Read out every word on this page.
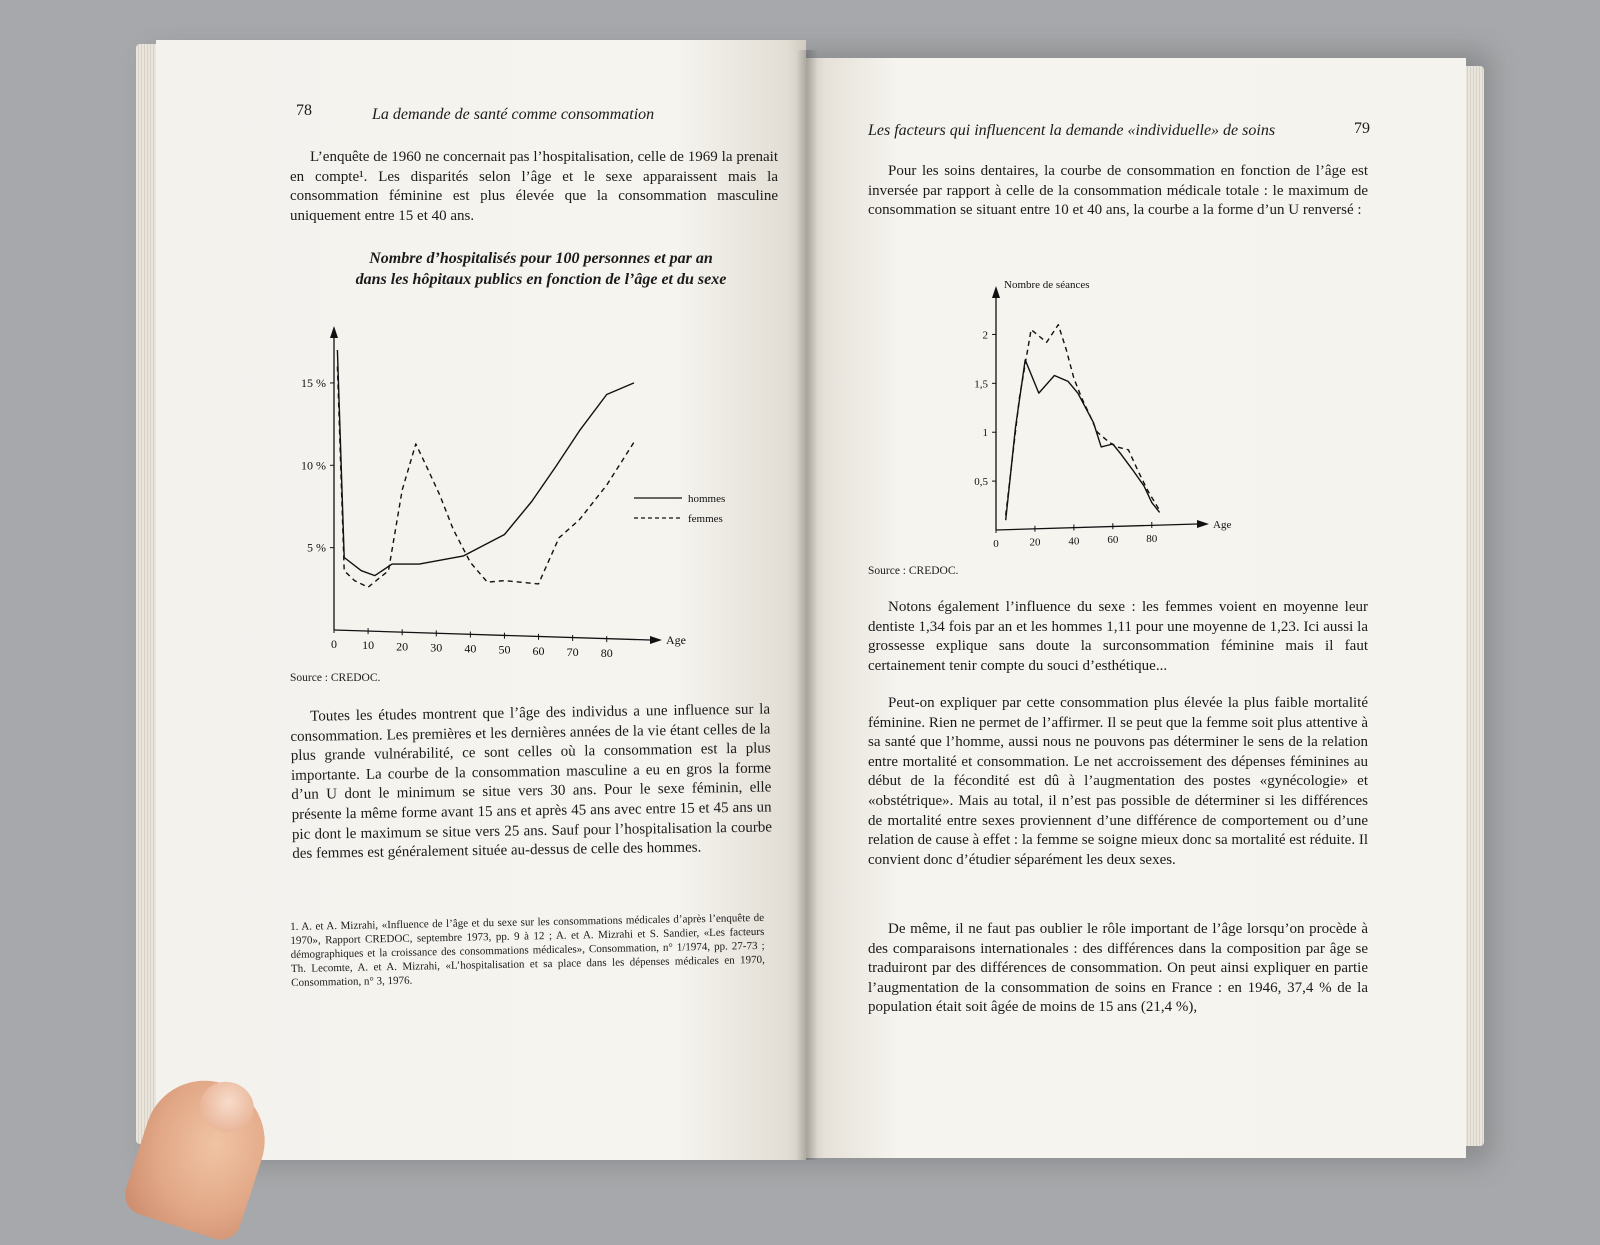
78	La demande de santé comme consommation

L’enquête de 1960 ne concernait pas l’hospitalisation, celle de 1969 la prenait en compte¹. Les disparités selon l’âge et le sexe apparaissent mais la consommation féminine est plus élevée que la consommation masculine uniquement entre 15 et 40 ans.

Nombre d’hospitalisés pour 100 personnes et par an
dans les hôpitaux publics en fonction de l’âge et du sexe
Age
0 10 20 30 40 50 60 70 80
5 %
10 %
15 %
hommes
femmes
Source : CREDOC.

Toutes les études montrent que l’âge des individus a une influence sur la consommation. Les premières et les dernières années de la vie étant celles de la plus grande vulnérabilité, ce sont celles où la consommation est la plus importante. La courbe de la consommation masculine a eu en gros la forme d’un U dont le minimum se situe vers 30 ans. Pour le sexe féminin, elle présente la même forme avant 15 ans et après 45 ans avec entre 15 et 45 ans un pic dont le maximum se situe vers 25 ans. Sauf pour l’hospitalisation la courbe des femmes est généralement située au-dessus de celle des hommes.

1. A. et A. Mizrahi, «Influence de l’âge et du sexe sur les consommations médicales d’après l’enquête de 1970», Rapport CREDOC, septembre 1973, pp. 9 à 12 ; A. et A. Mizrahi et S. Sandier, «Les facteurs démographiques et la croissance des consommations médicales», Consommation, n° 1/1974, pp. 27-73 ; Th. Lecomte, A. et A. Mizrahi, «L’hospitalisation et sa place dans les dépenses médicales en 1970, Consommation, n° 3, 1976.

Les facteurs qui influencent la demande «individuelle» de soins	79

Pour les soins dentaires, la courbe de consommation en fonction de l’âge est inversée par rapport à celle de la consommation médicale totale : le maximum de consommation se situant entre 10 et 40 ans, la courbe a la forme d’un U renversé :

Age
Nombre de séances
0	20	40	60	80
0,5
1
1,5
2
Source : CREDOC.

Notons également l’influence du sexe : les femmes voient en moyenne leur dentiste 1,34 fois par an et les hommes 1,11 pour une moyenne de 1,23. Ici aussi la grossesse explique sans doute la surconsommation féminine mais il faut certainement tenir compte du souci d’esthétique...

Peut-on expliquer par cette consommation plus élevée la plus faible mortalité féminine. Rien ne permet de l’affirmer. Il se peut que la femme soit plus attentive à sa santé que l’homme, aussi nous ne pouvons pas déterminer le sens de la relation entre mortalité et consommation. Le net accroissement des dépenses féminines au début de la fécondité est dû à l’augmentation des postes «gynécologie» et «obstétrique». Mais au total, il n’est pas possible de déterminer si les différences de mortalité entre sexes proviennent d’une différence de comportement ou d’une relation de cause à effet : la femme se soigne mieux donc sa mortalité est réduite. Il convient donc d’étudier séparément les deux sexes.

De même, il ne faut pas oublier le rôle important de l’âge lorsqu’on procède à des comparaisons internationales : des différences dans la composition par âge se traduiront par des différences de consommation. On peut ainsi expliquer en partie l’augmentation de la consommation de soins en France : en 1946, 37,4 % de la population était soit âgée de moins de 15 ans (21,4 %),
